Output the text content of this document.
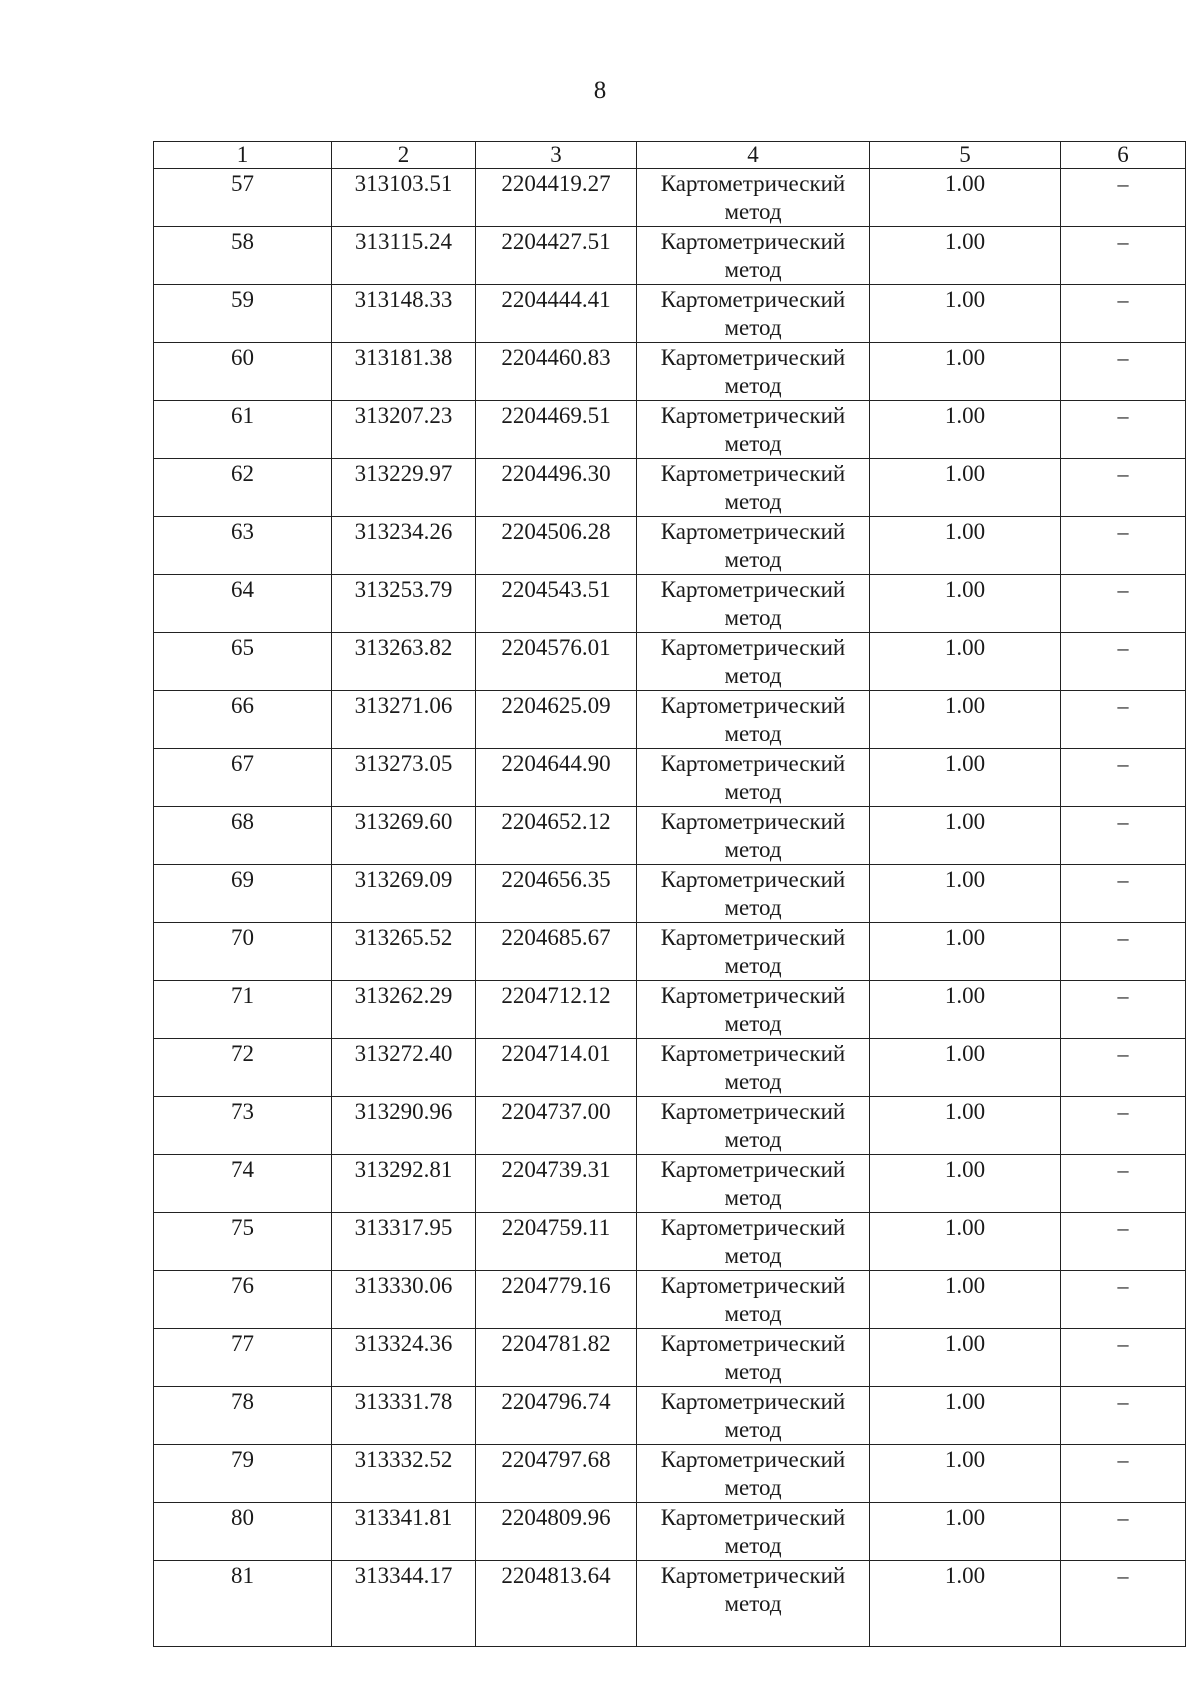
8
1	2	3	4	5	6
57	313103.51	2204419.27	Картометрический метод	1.00	–
58	313115.24	2204427.51	Картометрический метод	1.00	–
59	313148.33	2204444.41	Картометрический метод	1.00	–
60	313181.38	2204460.83	Картометрический метод	1.00	–
61	313207.23	2204469.51	Картометрический метод	1.00	–
62	313229.97	2204496.30	Картометрический метод	1.00	–
63	313234.26	2204506.28	Картометрический метод	1.00	–
64	313253.79	2204543.51	Картометрический метод	1.00	–
65	313263.82	2204576.01	Картометрический метод	1.00	–
66	313271.06	2204625.09	Картометрический метод	1.00	–
67	313273.05	2204644.90	Картометрический метод	1.00	–
68	313269.60	2204652.12	Картометрический метод	1.00	–
69	313269.09	2204656.35	Картометрический метод	1.00	–
70	313265.52	2204685.67	Картометрический метод	1.00	–
71	313262.29	2204712.12	Картометрический метод	1.00	–
72	313272.40	2204714.01	Картометрический метод	1.00	–
73	313290.96	2204737.00	Картометрический метод	1.00	–
74	313292.81	2204739.31	Картометрический метод	1.00	–
75	313317.95	2204759.11	Картометрический метод	1.00	–
76	313330.06	2204779.16	Картометрический метод	1.00	–
77	313324.36	2204781.82	Картометрический метод	1.00	–
78	313331.78	2204796.74	Картометрический метод	1.00	–
79	313332.52	2204797.68	Картометрический метод	1.00	–
80	313341.81	2204809.96	Картометрический метод	1.00	–
81	313344.17	2204813.64	Картометрический метод	1.00	–
